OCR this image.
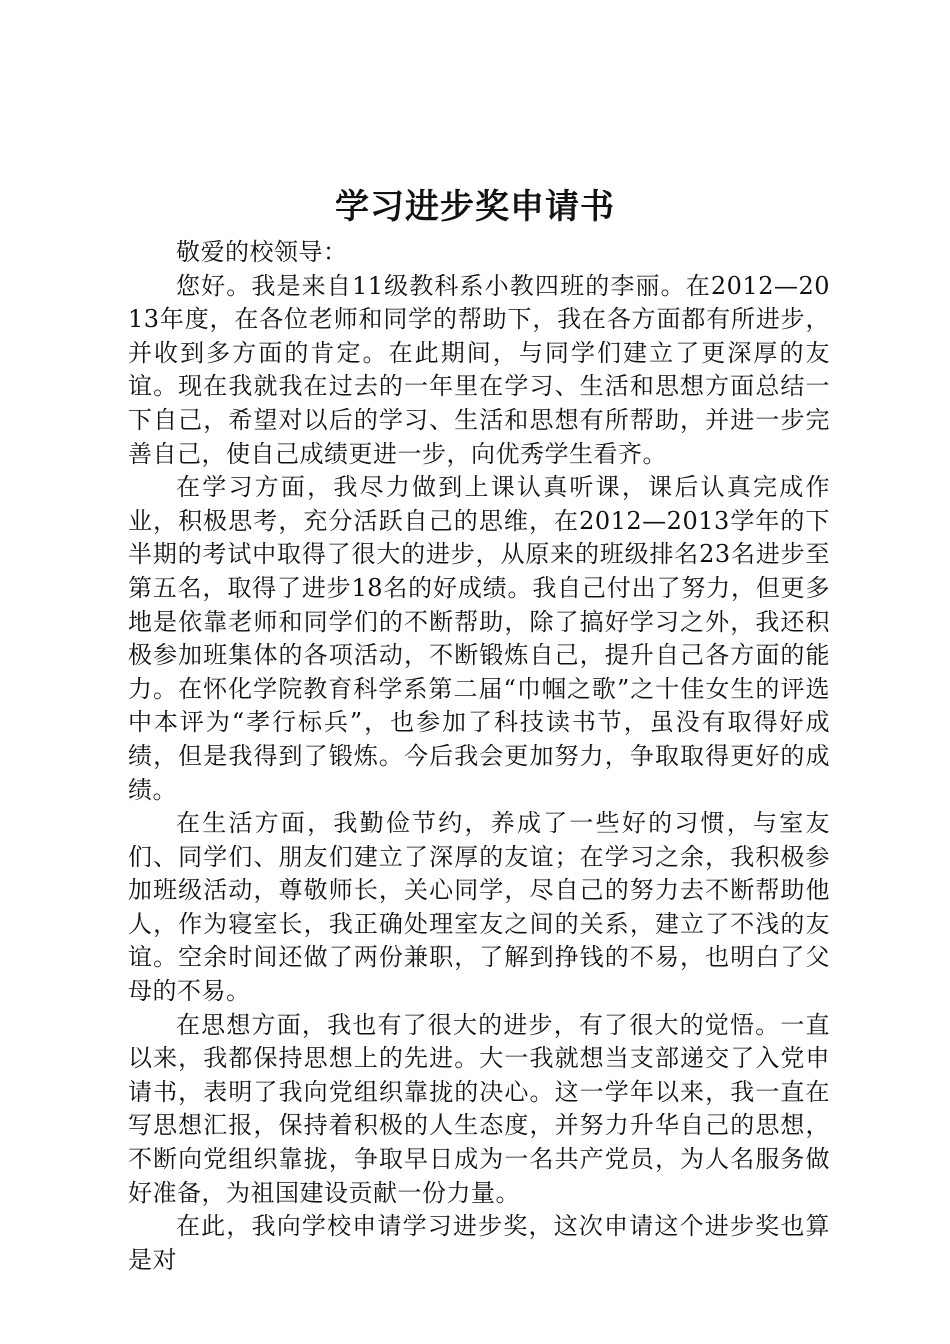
学习进步奖申请书

敬爱的校领导：

您好。我是来自11级教科系小教四班的李丽。在2012—2013年度，在各位老师和同学的帮助下，我在各方面都有所进步，并收到多方面的肯定。在此期间，与同学们建立了更深厚的友谊。现在我就我在过去的一年里在学习、生活和思想方面总结一下自己，希望对以后的学习、生活和思想有所帮助，并进一步完善自己，使自己成绩更进一步，向优秀学生看齐。

在学习方面，我尽力做到上课认真听课，课后认真完成作业，积极思考，充分活跃自己的思维，在2012—2013学年的下半期的考试中取得了很大的进步，从原来的班级排名23名进步至第五名，取得了进步18名的好成绩。我自己付出了努力，但更多地是依靠老师和同学们的不断帮助，除了搞好学习之外，我还积极参加班集体的各项活动，不断锻炼自己，提升自己各方面的能力。在怀化学院教育科学系第二届“巾帼之歌”之十佳女生的评选中本评为“孝行标兵”，也参加了科技读书节，虽没有取得好成绩，但是我得到了锻炼。今后我会更加努力，争取取得更好的成绩。

在生活方面，我勤俭节约，养成了一些好的习惯，与室友们、同学们、朋友们建立了深厚的友谊；在学习之余，我积极参加班级活动，尊敬师长，关心同学，尽自己的努力去不断帮助他人，作为寝室长，我正确处理室友之间的关系，建立了不浅的友谊。空余时间还做了两份兼职，了解到挣钱的不易，也明白了父母的不易。

在思想方面，我也有了很大的进步，有了很大的觉悟。一直以来，我都保持思想上的先进。大一我就想当支部递交了入党申请书，表明了我向党组织靠拢的决心。这一学年以来，我一直在写思想汇报，保持着积极的人生态度，并努力升华自己的思想，不断向党组织靠拢，争取早日成为一名共产党员，为人名服务做好准备，为祖国建设贡献一份力量。

在此，我向学校申请学习进步奖，这次申请这个进步奖也算是对
